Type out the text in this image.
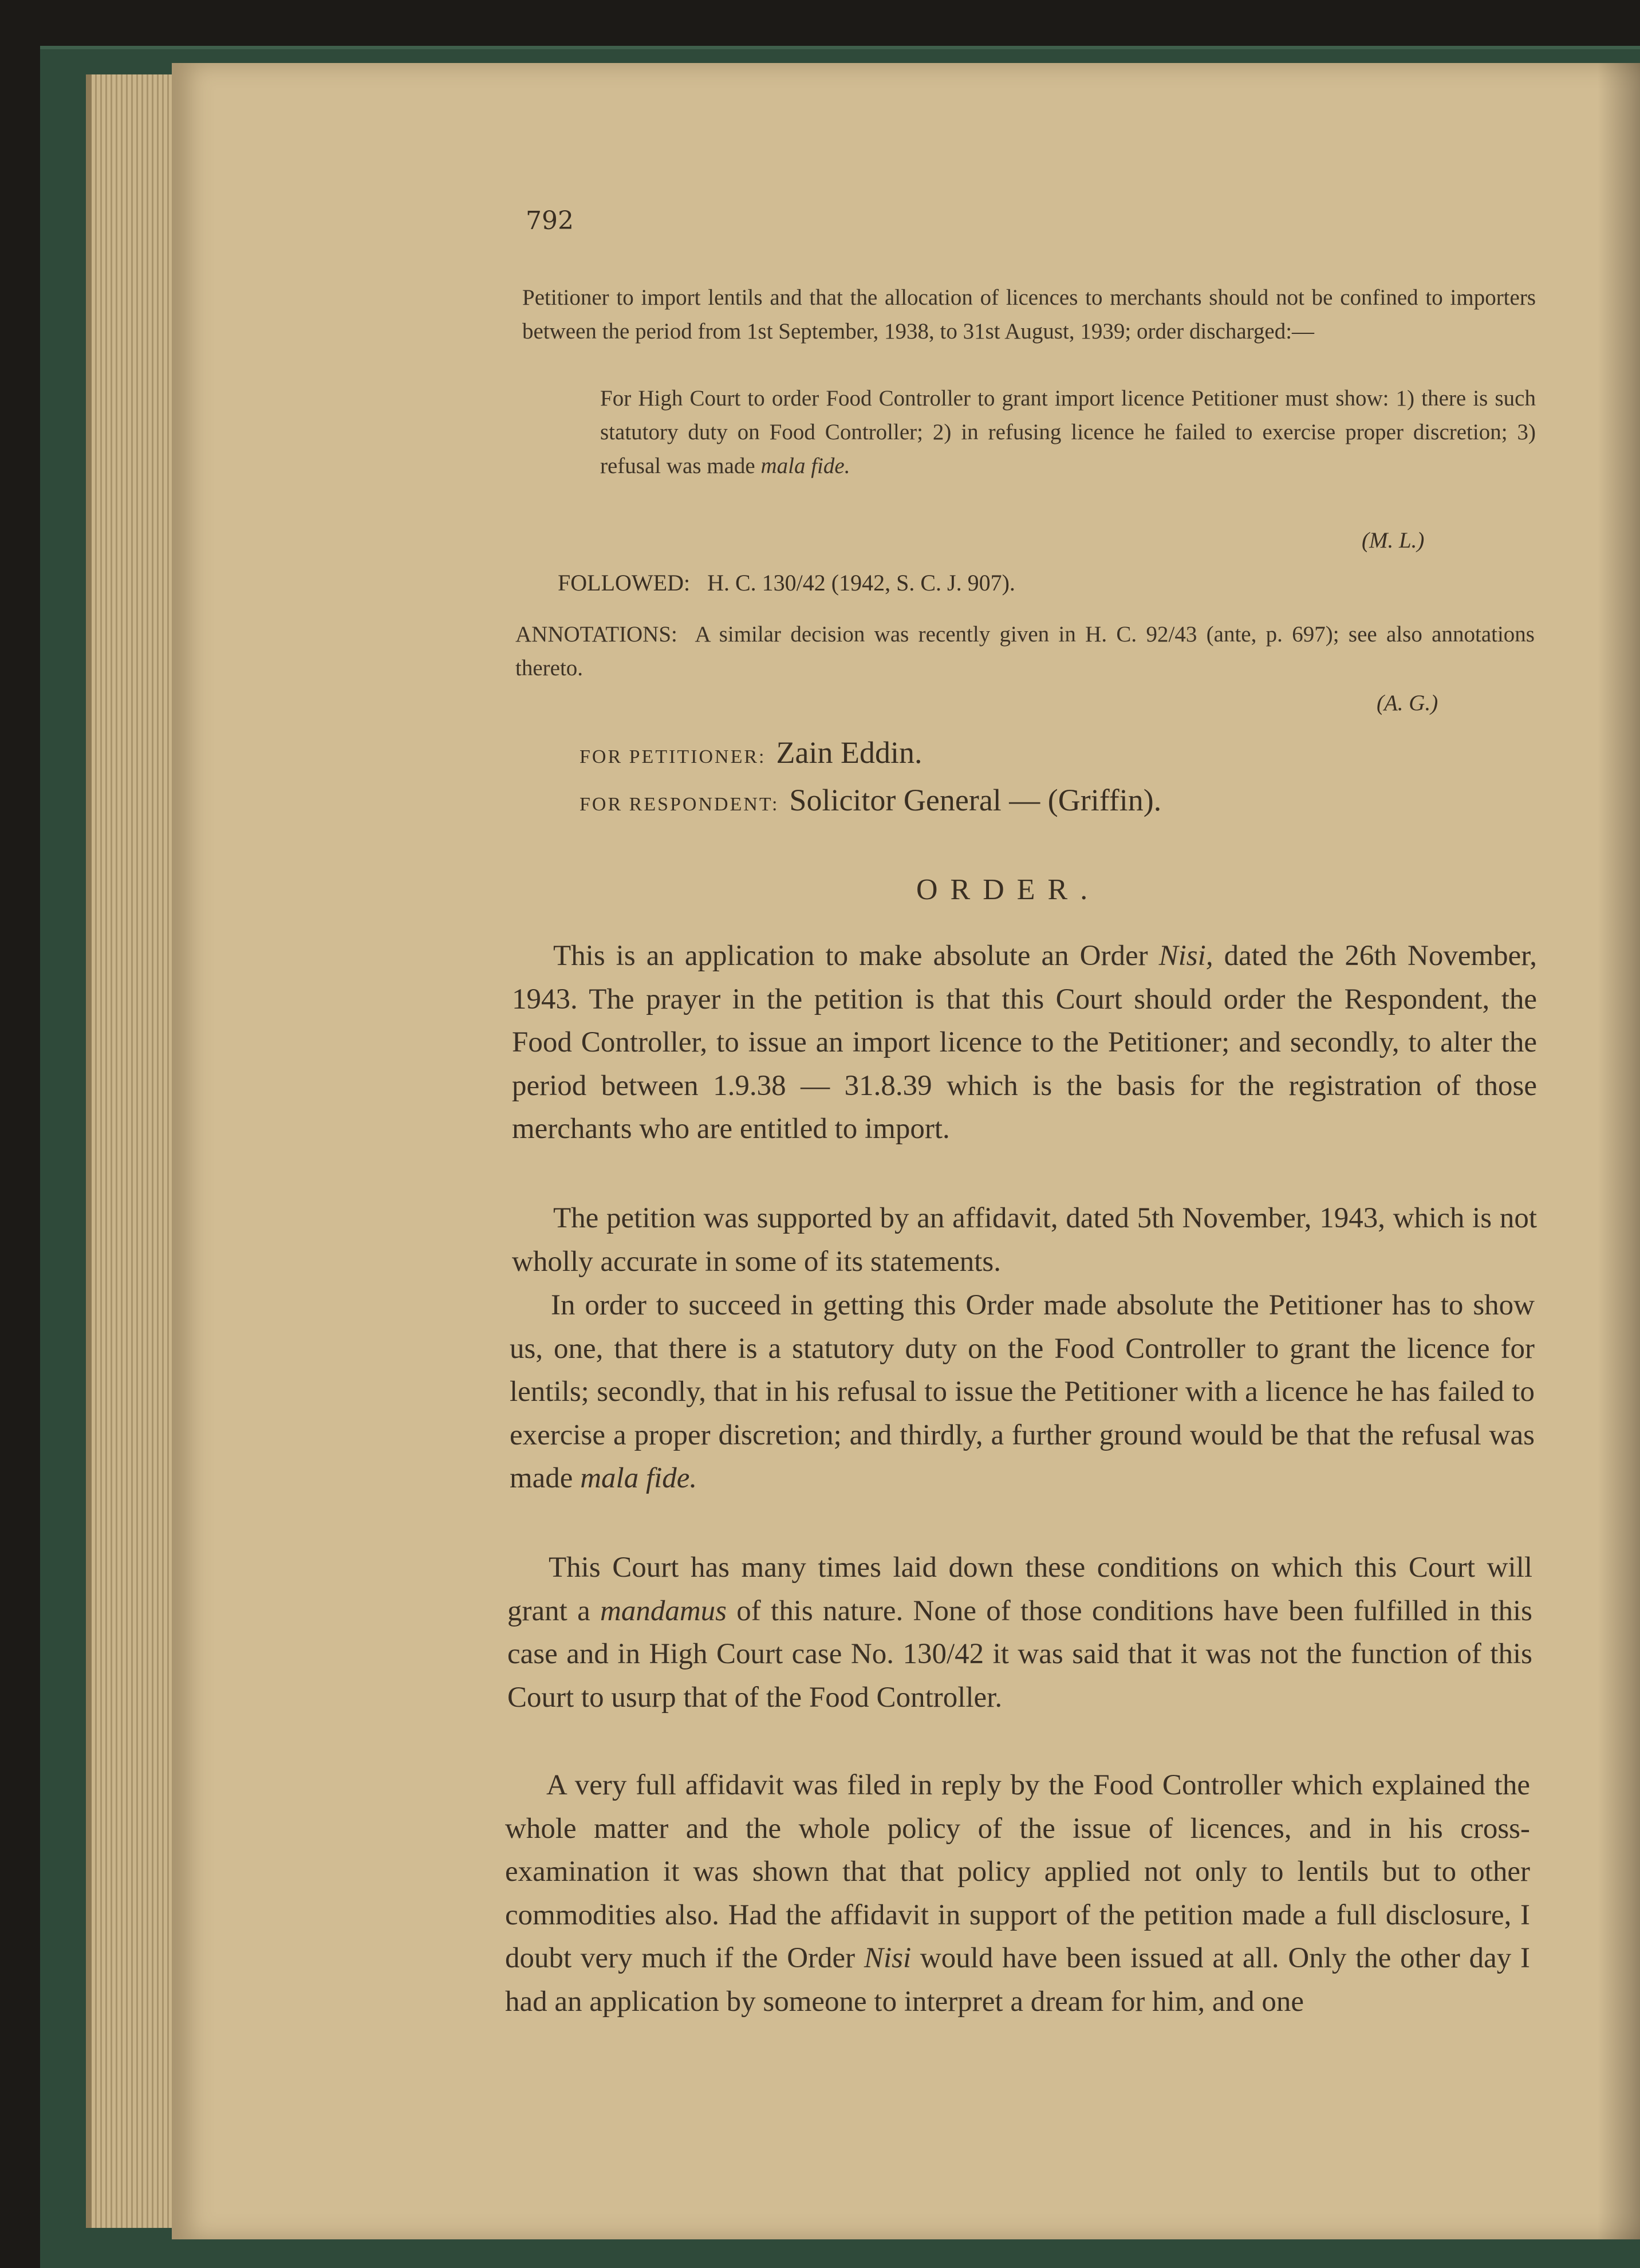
792
Petitioner to import lentils and that the allocation of licences to merchants should not be confined to importers between the period from 1st September, 1938, to 31st August, 1939; order discharged:—
For High Court to order Food Controller to grant import licence Petitioner must show: 1) there is such statutory duty on Food Controller; 2) in refusing licence he failed to exercise proper discretion; 3) refusal was made mala fide.
(M. L.)
FOLLOWED: H. C. 130/42 (1942, S. C. J. 907).
ANNOTATIONS: A similar decision was recently given in H. C. 92/43 (ante, p. 697); see also annotations thereto.
(A. G.)
FOR PETITIONER: Zain Eddin.
FOR RESPONDENT: Solicitor General — (Griffin).
ORDER.
This is an application to make absolute an Order Nisi, dated the 26th November, 1943. The prayer in the petition is that this Court should order the Respondent, the Food Controller, to issue an import licence to the Petitioner; and secondly, to alter the period between 1.9.38 — 31.8.39 which is the basis for the registration of those merchants who are entitled to import.
The petition was supported by an affidavit, dated 5th November, 1943, which is not wholly accurate in some of its statements.
In order to succeed in getting this Order made absolute the Petitioner has to show us, one, that there is a statutory duty on the Food Controller to grant the licence for lentils; secondly, that in his refusal to issue the Petitioner with a licence he has failed to exercise a proper discretion; and thirdly, a further ground would be that the refusal was made mala fide.
This Court has many times laid down these conditions on which this Court will grant a mandamus of this nature. None of those conditions have been fulfilled in this case and in High Court case No. 130/42 it was said that it was not the function of this Court to usurp that of the Food Controller.
A very full affidavit was filed in reply by the Food Controller which explained the whole matter and the whole policy of the issue of licences, and in his cross-examination it was shown that that policy applied not only to lentils but to other commodities also. Had the affidavit in support of the petition made a full disclosure, I doubt very much if the Order Nisi would have been issued at all. Only the other day I had an application by someone to interpret a dream for him, and one
